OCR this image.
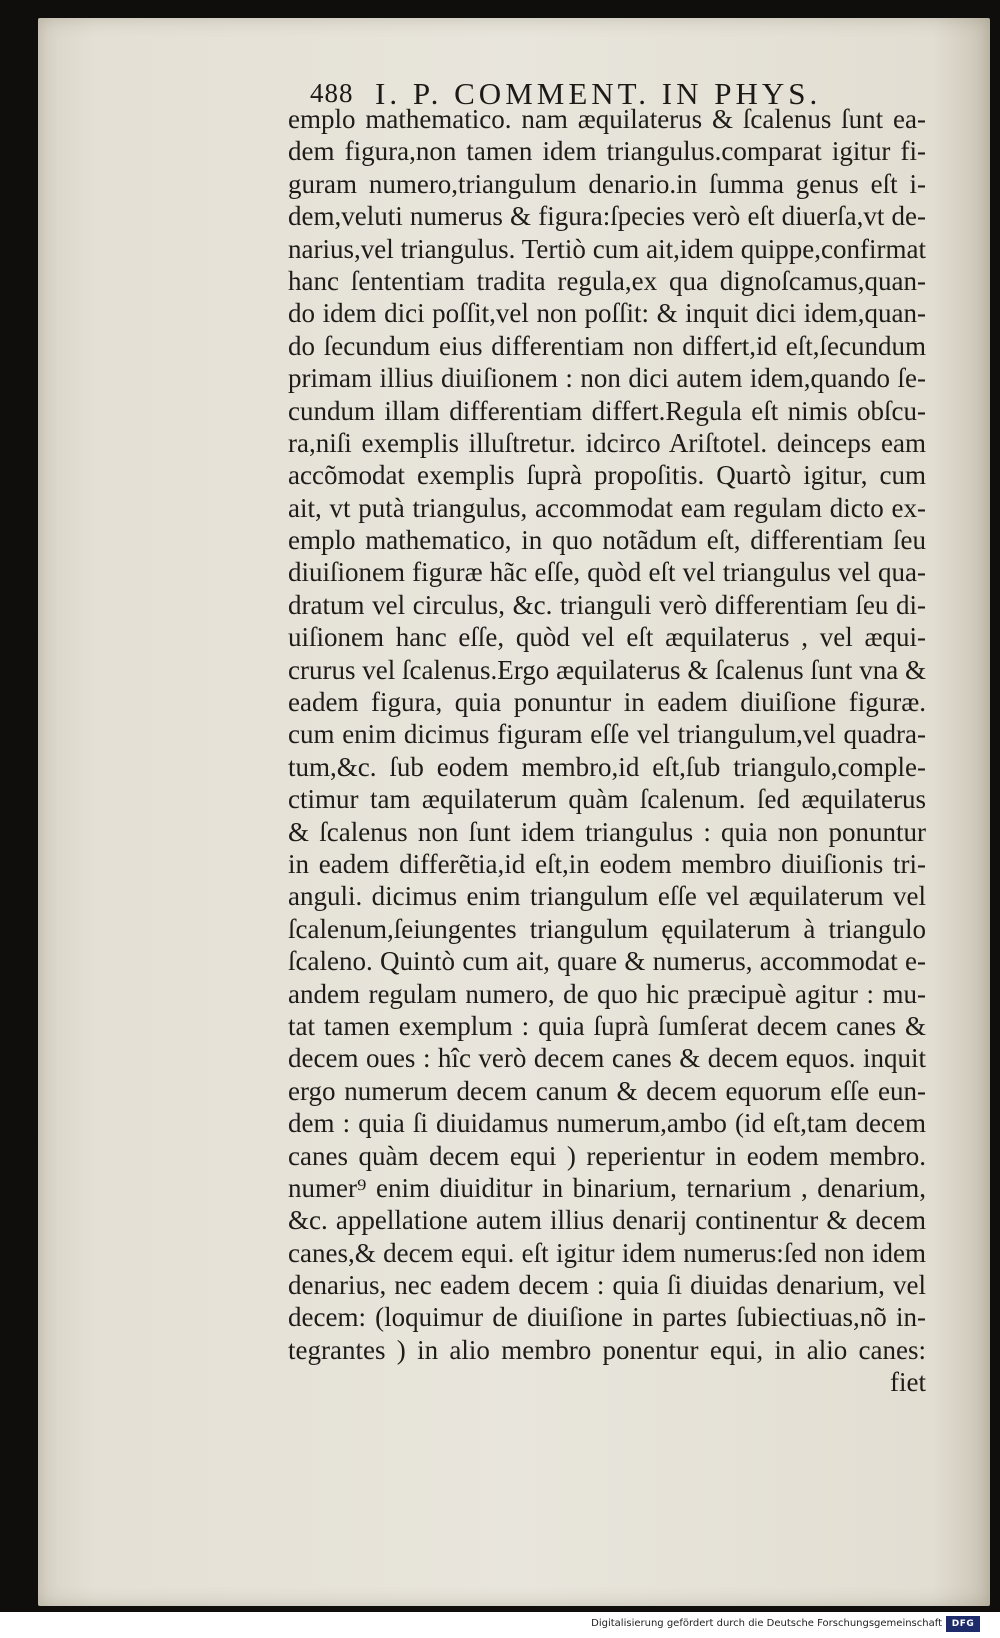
488 I. P. COMMENT. IN PHYS.
emplo mathematico. nam æquilaterus & ſcalenus ſunt ea-
dem figura,non tamen idem triangulus.comparat igitur fi-
guram numero,triangulum denario.in ſumma genus eſt i-
dem,veluti numerus & figura:ſpecies verò eſt diuerſa,vt de-
narius,vel triangulus. Tertiò cum ait,idem quippe,confirmat
hanc ſententiam tradita regula,ex qua dignoſcamus,quan-
do idem dici poſſit,vel non poſſit: & inquit dici idem,quan-
do ſecundum eius differentiam non differt,id eſt,ſecundum
primam illius diuiſionem : non dici autem idem,quando ſe-
cundum illam differentiam differt.Regula eſt nimis obſcu-
ra,niſi exemplis illuſtretur. idcirco Ariſtotel. deinceps eam
accõmodat exemplis ſuprà propoſitis. Quartò igitur, cum
ait, vt putà triangulus, accommodat eam regulam dicto ex-
emplo mathematico, in quo notãdum eſt, differentiam ſeu
diuiſionem figuræ hãc eſſe, quòd eſt vel triangulus vel qua-
dratum vel circulus, &c. trianguli verò differentiam ſeu di-
uiſionem hanc eſſe, quòd vel eſt æquilaterus , vel æqui-
crurus vel ſcalenus.Ergo æquilaterus & ſcalenus ſunt vna &
eadem figura, quia ponuntur in eadem diuiſione figuræ.
cum enim dicimus figuram eſſe vel triangulum,vel quadra-
tum,&c. ſub eodem membro,id eſt,ſub triangulo,comple-
ctimur tam æquilaterum quàm ſcalenum. ſed æquilaterus
& ſcalenus non ſunt idem triangulus : quia non ponuntur
in eadem differẽtia,id eſt,in eodem membro diuiſionis tri-
anguli. dicimus enim triangulum eſſe vel æquilaterum vel
ſcalenum,ſeiungentes triangulum ęquilaterum à triangulo
ſcaleno. Quintò cum ait, quare & numerus, accommodat e-
andem regulam numero, de quo hic præcipuè agitur : mu-
tat tamen exemplum : quia ſuprà ſumſerat decem canes &
decem oues : hîc verò decem canes & decem equos. inquit
ergo numerum decem canum & decem equorum eſſe eun-
dem : quia ſi diuidamus numerum,ambo (id eſt,tam decem
canes quàm decem equi ) reperientur in eodem membro.
numer⁹ enim diuiditur in binarium, ternarium , denarium,
&c. appellatione autem illius denarij continentur & decem
canes,& decem equi. eſt igitur idem numerus:ſed non idem
denarius, nec eadem decem : quia ſi diuidas denarium, vel
decem: (loquimur de diuiſione in partes ſubiectiuas,nõ in-
tegrantes ) in alio membro ponentur equi, in alio canes:
fiet
Digitalisierung gefördert durch die Deutsche Forschungsgemeinschaft	DFG
